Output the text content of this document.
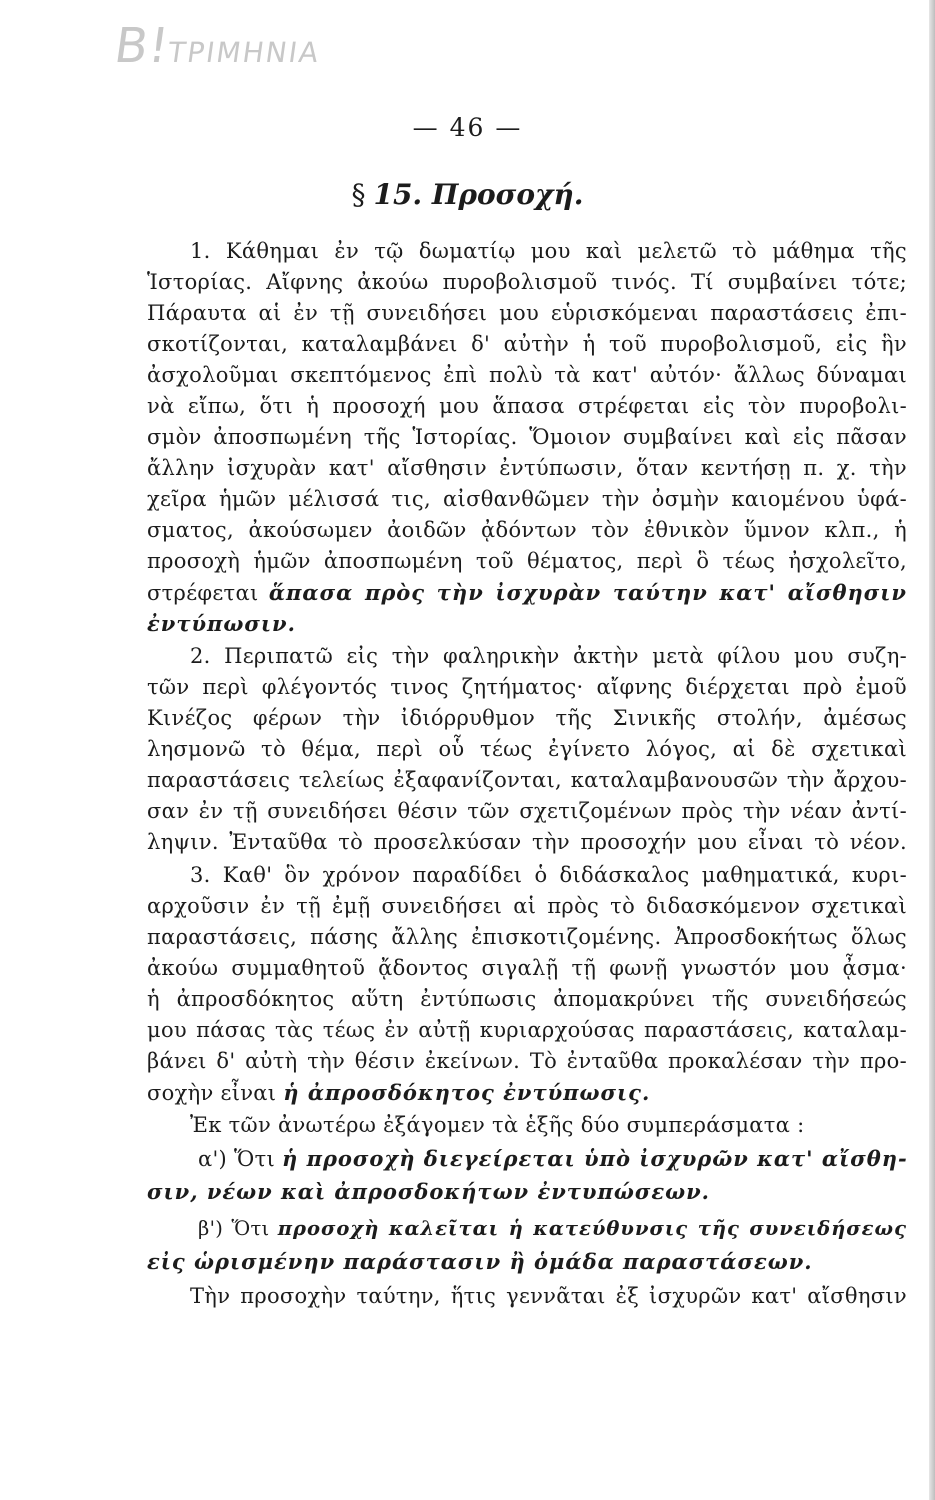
Β!ΤΡΙΜΗΝΙΑ
— 46 —
§ 15. Προσοχή.
1. Κάθημαι ἐν τῷ δωματίῳ μου καὶ μελετῶ τὸ μάθημα τῆς
Ἱστορίας. Αἴφνης ἀκούω πυροβολισμοῦ τινός. Τί συμβαίνει τότε;
Πάραυτα αἱ ἐν τῇ συνειδήσει μου εὑρισκόμεναι παραστάσεις ἐπι-
σκοτίζονται, καταλαμβάνει δ' αὐτὴν ἡ τοῦ πυροβολισμοῦ, εἰς ἣν
ἀσχολοῦμαι σκεπτόμενος ἐπὶ πολὺ τὰ κατ' αὐτόν· ἄλλως δύναμαι
νὰ εἴπω, ὅτι ἡ προσοχή μου ἅπασα στρέφεται εἰς τὸν πυροβολι-
σμὸν ἀποσπωμένη τῆς Ἱστορίας. Ὅμοιον συμβαίνει καὶ εἰς πᾶσαν
ἄλλην ἰσχυρὰν κατ' αἴσθησιν ἐντύπωσιν, ὅταν κεντήσῃ π. χ. τὴν
χεῖρα ἡμῶν μέλισσά τις, αἰσθανθῶμεν τὴν ὀσμὴν καιομένου ὑφά-
σματος, ἀκούσωμεν ἀοιδῶν ᾀδόντων τὸν ἐθνικὸν ὕμνον κλπ., ἡ
προσοχὴ ἡμῶν ἀποσπωμένη τοῦ θέματος, περὶ ὃ τέως ἠσχολεῖτο,
στρέφεται ἅπασα πρὸς τὴν ἰσχυρὰν ταύτην κατ' αἴσθησιν
ἐντύπωσιν.
2. Περιπατῶ εἰς τὴν φαληρικὴν ἀκτὴν μετὰ φίλου μου συζη-
τῶν περὶ φλέγοντός τινος ζητήματος· αἴφνης διέρχεται πρὸ ἐμοῦ
Κινέζος φέρων τὴν ἰδιόρρυθμον τῆς Σινικῆς στολήν, ἀμέσως
λησμονῶ τὸ θέμα, περὶ οὗ τέως ἐγίνετο λόγος, αἱ δὲ σχετικαὶ
παραστάσεις τελείως ἐξαφανίζονται, καταλαμβανουσῶν τὴν ἄρχου-
σαν ἐν τῇ συνειδήσει θέσιν τῶν σχετιζομένων πρὸς τὴν νέαν ἀντί-
ληψιν. Ἐνταῦθα τὸ προσελκύσαν τὴν προσοχήν μου εἶναι τὸ νέον.
3. Καθ' ὃν χρόνον παραδίδει ὁ διδάσκαλος μαθηματικά, κυρι-
αρχοῦσιν ἐν τῇ ἐμῇ συνειδήσει αἱ πρὸς τὸ διδασκόμενον σχετικαὶ
παραστάσεις, πάσης ἄλλης ἐπισκοτιζομένης. Ἀπροσδοκήτως ὅλως
ἀκούω συμμαθητοῦ ᾄδοντος σιγαλῇ τῇ φωνῇ γνωστόν μου ᾆσμα·
ἡ ἀπροσδόκητος αὕτη ἐντύπωσις ἀπομακρύνει τῆς συνειδήσεώς
μου πάσας τὰς τέως ἐν αὐτῇ κυριαρχούσας παραστάσεις, καταλαμ-
βάνει δ' αὐτὴ τὴν θέσιν ἐκείνων. Τὸ ἐνταῦθα προκαλέσαν τὴν προ-
σοχὴν εἶναι ἡ ἀπροσδόκητος ἐντύπωσις.
Ἐκ τῶν ἀνωτέρω ἐξάγομεν τὰ ἑξῆς δύο συμπεράσματα :
α') Ὅτι ἡ προσοχὴ διεγείρεται ὑπὸ ἰσχυρῶν κατ' αἴσθη-
σιν, νέων καὶ ἀπροσδοκήτων ἐντυπώσεων.
β') Ὅτι προσοχὴ καλεῖται ἡ κατεύθυνσις τῆς συνειδήσεως
εἰς ὡρισμένην παράστασιν ἢ ὁμάδα παραστάσεων.
Τὴν προσοχὴν ταύτην, ἥτις γεννᾶται ἐξ ἰσχυρῶν κατ' αἴσθησιν
